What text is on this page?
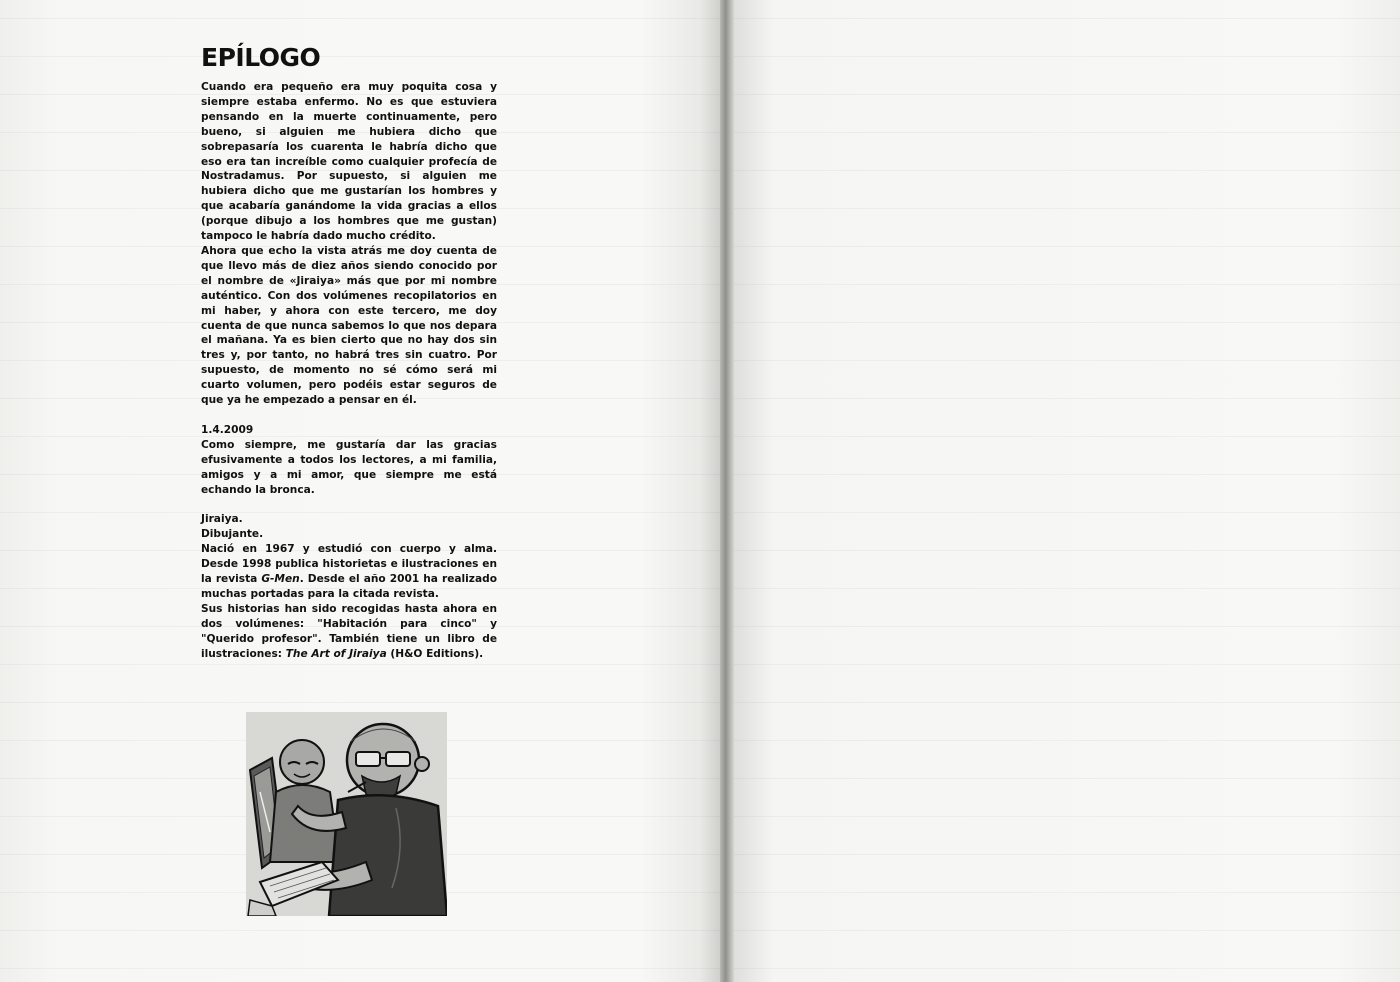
EPÍLOGO

Cuando era pequeño era muy poquita cosa y siempre estaba enfermo. No es que estuviera pensando en la muerte continuamente, pero bueno, si alguien me hubiera dicho que sobrepasaría los cuarenta le habría dicho que eso era tan increíble como cualquier profecía de Nostradamus. Por supuesto, si alguien me hubiera dicho que me gustarían los hombres y que acabaría ganándome la vida gracias a ellos (porque dibujo a los hombres que me gustan) tampoco le habría dado mucho crédito.

Ahora que echo la vista atrás me doy cuenta de que llevo más de diez años siendo conocido por el nombre de «Jiraiya» más que por mi nombre auténtico. Con dos volúmenes recopilatorios en mi haber, y ahora con este tercero, me doy cuenta de que nunca sabemos lo que nos depara el mañana. Ya es bien cierto que no hay dos sin tres y, por tanto, no habrá tres sin cuatro. Por supuesto, de momento no sé cómo será mi cuarto volumen, pero podéis estar seguros de que ya he empezado a pensar en él.

1.4.2009

Como siempre, me gustaría dar las gracias efusivamente a todos los lectores, a mi familia, amigos y a mi amor, que siempre me está echando la bronca.

Jiraiya.

Dibujante.

Nació en 1967 y estudió con cuerpo y alma. Desde 1998 publica historietas e ilustraciones en la revista G-Men. Desde el año 2001 ha realizado muchas portadas para la citada revista.

Sus historias han sido recogidas hasta ahora en dos volúmenes: "Habitación para cinco" y "Querido profesor". También tiene un libro de ilustraciones: The Art of Jiraiya (H&O Editions).
